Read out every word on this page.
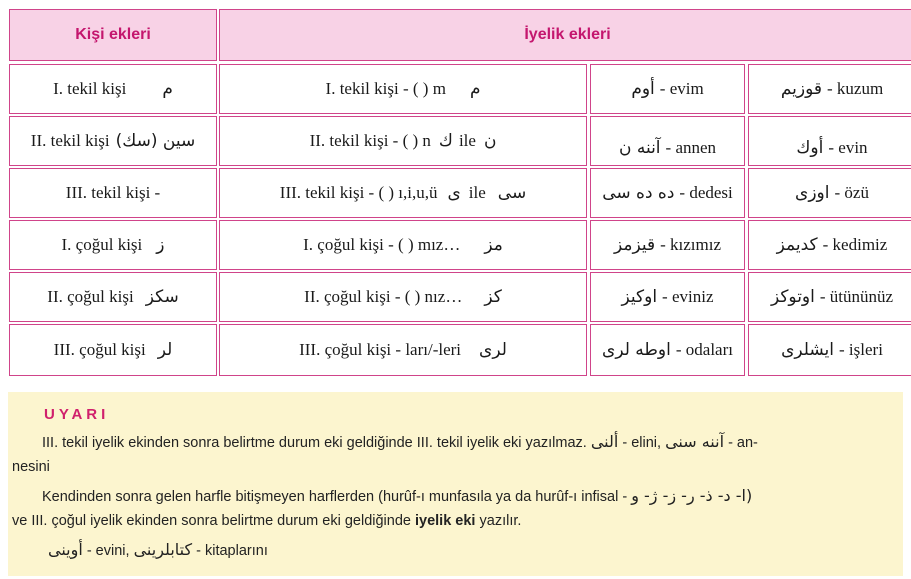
Kişi ekleri	İyelik ekleri
I. tekil kişi م	I. tekil kişi - ( ) m م	أوم - evim	قوزيم - kuzum
II. tekil kişi سين (سك)	II. tekil kişi - ( ) n ك ile ن	آننه ن - annen	أوك - evin
III. tekil kişi -	III. tekil kişi - ( ) ı,i,u,ü ى ile سى	ده ده سى - dedesi	اوزى - özü
I. çoğul kişi ز	I. çoğul kişi - ( ) mız… مز	قيزمز - kızımız	كديمز - kedimiz
II. çoğul kişi سكز	II. çoğul kişi - ( ) nız… كز	اوكيز - eviniz	اوتوكز - ütününüz
III. çoğul kişi لر	III. çoğul kişi - ları/-leri لرى	اوطه لرى - odaları	ايشلرى - işleri
UYARI
III. tekil iyelik ekinden sonra belirtme durum eki geldiğinde III. tekil iyelik eki yazılmaz. ألنى - elini, آننه سنى - an-
nesini
Kendinden sonra gelen harfle bitişmeyen harflerden (hurûf-ı munfasıla ya da hurûf-ı infisal - (ا- د- ذ- ر- ز- ژ- و
ve III. çoğul iyelik ekinden sonra belirtme durum eki geldiğinde iyelik eki yazılır.
أوينى - evini, كتابلرينى - kitaplarını
